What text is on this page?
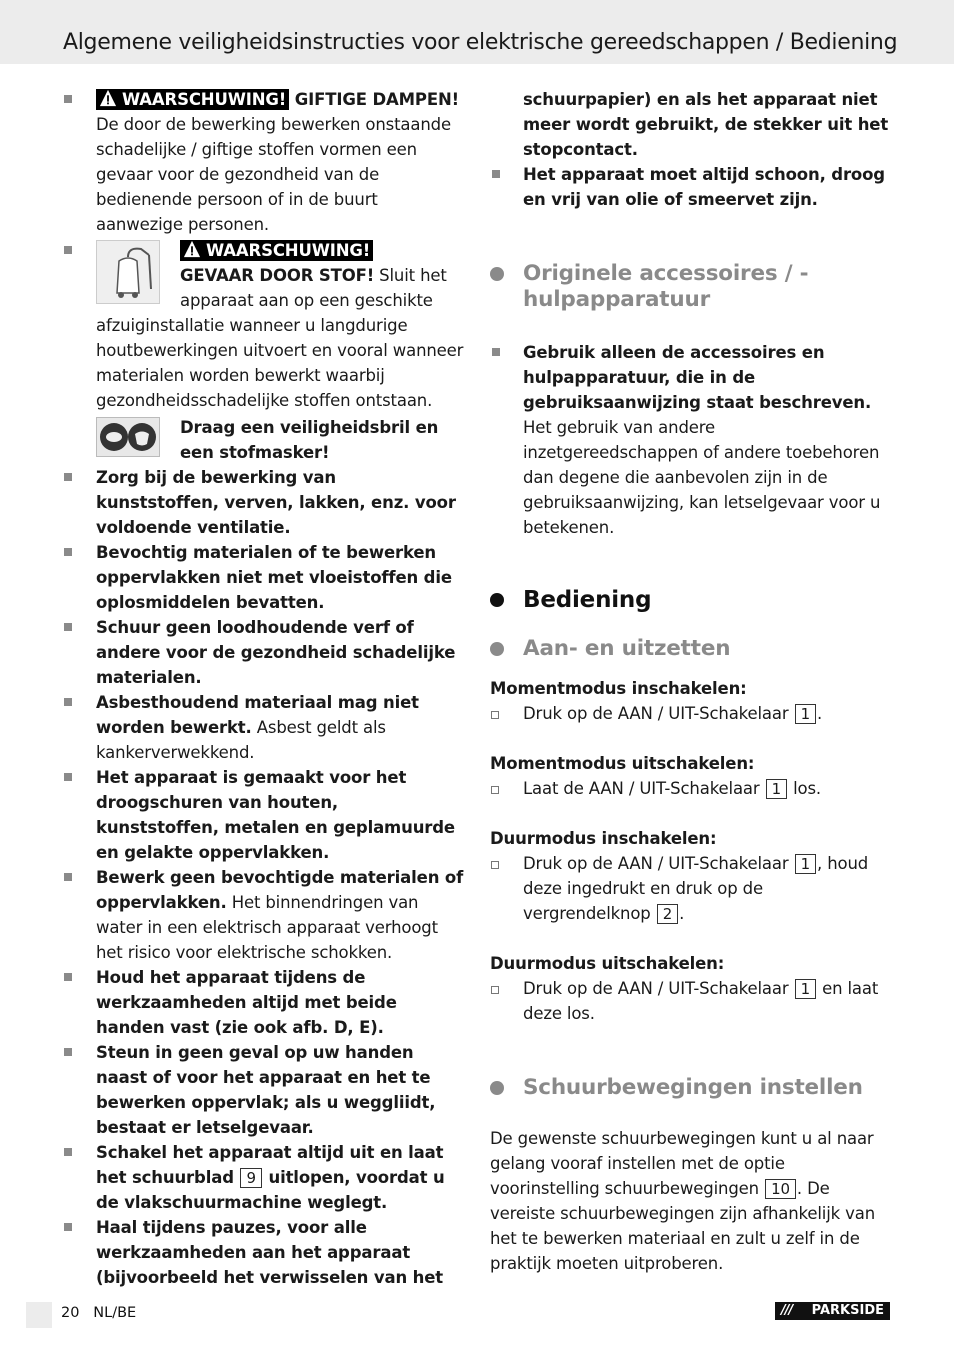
Algemene veiligheidsinstructies voor elektrische gereedschappen / Bediening

WAARSCHUWING! GIFTIGE DAMPEN! De door de bewerking bewerken onstaande schadelijke / giftige stoffen vormen een gevaar voor de gezondheid van de bedienende persoon of in de buurt aanwezige personen.

WAARSCHUWING!
GEVAAR DOOR STOF! Sluit het apparaat aan op een geschikte afzuiginstallatie wanneer u langdurige houtbewerkingen uitvoert en vooral wanneer materialen worden bewerkt waarbij gezondheidsschadelijke stoffen ontstaan.
Draag een veiligheidsbril en een stofmasker!

Zorg bij de bewerking van kunststoffen, verven, lakken, enz. voor voldoende ventilatie.

Bevochtig materialen of te bewerken oppervlakken niet met vloeistoffen die oplosmiddelen bevatten.

Schuur geen loodhoudende verf of andere voor de gezondheid schadelijke materialen.

Asbesthoudend materiaal mag niet worden bewerkt. Asbest geldt als kankerverwekkend.

Het apparaat is gemaakt voor het droogschuren van houten, kunststoffen, metalen en geplamuurde en gelakte oppervlakken.

Bewerk geen bevochtigde materialen of oppervlakken. Het binnendringen van water in een elektrisch apparaat verhoogt het risico voor elektrische schokken.

Houd het apparaat tijdens de werkzaamheden altijd met beide handen vast (zie ook afb. D, E).

Steun in geen geval op uw handen naast of voor het apparaat en het te bewerken oppervlak; als u weggliidt, bestaat er letselgevaar.

Schakel het apparaat altijd uit en laat het schuurblad 9 uitlopen, voordat u de vlakschuurmachine weglegt.

Haal tijdens pauzes, voor alle werkzaamheden aan het apparaat (bijvoorbeeld het verwisselen van het

schuurpapier) en als het apparaat niet meer wordt gebruikt, de stekker uit het stopcontact.

Het apparaat moet altijd schoon, droog en vrij van olie of smeervet zijn.

Originele accessoires / -hulpapparatuur

Gebruik alleen de accessoires en hulpapparatuur, die in de gebruiksaanwijzing staat beschreven. Het gebruik van andere inzetgereedschappen of andere toebehoren dan degene die aanbevolen zijn in de gebruiksaanwijzing, kan letselgevaar voor u betekenen.

Bediening
Aan- en uitzetten

Momentmodus inschakelen:

Druk op de AAN / UIT-Schakelaar 1 .

Momentmodus uitschakelen:

Laat de AAN / UIT-Schakelaar 1 los.

Duurmodus inschakelen:

Druk op de AAN / UIT-Schakelaar 1 , houd deze ingedrukt en druk op de vergrendelknop 2 .

Duurmodus uitschakelen:

Druk op de AAN / UIT-Schakelaar 1 en laat deze los.

Schuurbewegingen instellen

De gewenste schuurbewegingen kunt u al naar gelang vooraf instellen met de optie voorinstelling schuurbewegingen 10 . De vereiste schuurbewegingen zijn afhankelijk van het te bewerken materiaal en zult u zelf in de praktijk moeten uitproberen.

20 NL/BE	/// PARKSIDE
